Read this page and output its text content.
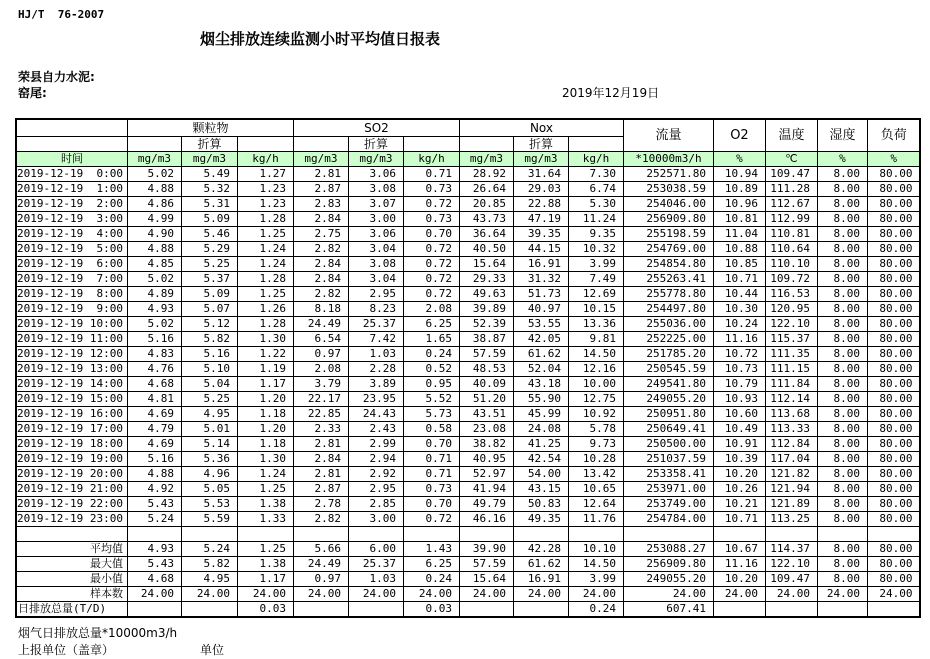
HJ/T  76-2007
烟尘排放连续监测小时平均值日报表
荣县自力水泥:
窑尾:	2019年12月19日
	颗粒物			SO2			Nox			流量	O2	温度	湿度	负荷
		折算			折算			折算						
时间	mg/m3	mg/m3	kg/h	mg/m3	mg/m3	kg/h	mg/m3	mg/m3	kg/h	*10000m3/h	%	℃	%	%
2019-12-19  0:00	5.02	5.49	1.27	2.81	3.06	0.71	28.92	31.64	7.30	252571.80	10.94	109.47	8.00	80.00
2019-12-19  1:00	4.88	5.32	1.23	2.87	3.08	0.73	26.64	29.03	6.74	253038.59	10.89	111.28	8.00	80.00
2019-12-19  2:00	4.86	5.31	1.23	2.83	3.07	0.72	20.85	22.88	5.30	254046.00	10.96	112.67	8.00	80.00
2019-12-19  3:00	4.99	5.09	1.28	2.84	3.00	0.73	43.73	47.19	11.24	256909.80	10.81	112.99	8.00	80.00
2019-12-19  4:00	4.90	5.46	1.25	2.75	3.06	0.70	36.64	39.35	9.35	255198.59	11.04	110.81	8.00	80.00
2019-12-19  5:00	4.88	5.29	1.24	2.82	3.04	0.72	40.50	44.15	10.32	254769.00	10.88	110.64	8.00	80.00
2019-12-19  6:00	4.85	5.25	1.24	2.84	3.08	0.72	15.64	16.91	3.99	254854.80	10.85	110.10	8.00	80.00
2019-12-19  7:00	5.02	5.37	1.28	2.84	3.04	0.72	29.33	31.32	7.49	255263.41	10.71	109.72	8.00	80.00
2019-12-19  8:00	4.89	5.09	1.25	2.82	2.95	0.72	49.63	51.73	12.69	255778.80	10.44	116.53	8.00	80.00
2019-12-19  9:00	4.93	5.07	1.26	8.18	8.23	2.08	39.89	40.97	10.15	254497.80	10.30	120.95	8.00	80.00
2019-12-19 10:00	5.02	5.12	1.28	24.49	25.37	6.25	52.39	53.55	13.36	255036.00	10.24	122.10	8.00	80.00
2019-12-19 11:00	5.16	5.82	1.30	6.54	7.42	1.65	38.87	42.05	9.81	252225.00	11.16	115.37	8.00	80.00
2019-12-19 12:00	4.83	5.16	1.22	0.97	1.03	0.24	57.59	61.62	14.50	251785.20	10.72	111.35	8.00	80.00
2019-12-19 13:00	4.76	5.10	1.19	2.08	2.28	0.52	48.53	52.04	12.16	250545.59	10.73	111.15	8.00	80.00
2019-12-19 14:00	4.68	5.04	1.17	3.79	3.89	0.95	40.09	43.18	10.00	249541.80	10.79	111.84	8.00	80.00
2019-12-19 15:00	4.81	5.25	1.20	22.17	23.95	5.52	51.20	55.90	12.75	249055.20	10.93	112.14	8.00	80.00
2019-12-19 16:00	4.69	4.95	1.18	22.85	24.43	5.73	43.51	45.99	10.92	250951.80	10.60	113.68	8.00	80.00
2019-12-19 17:00	4.79	5.01	1.20	2.33	2.43	0.58	23.08	24.08	5.78	250649.41	10.49	113.33	8.00	80.00
2019-12-19 18:00	4.69	5.14	1.18	2.81	2.99	0.70	38.82	41.25	9.73	250500.00	10.91	112.84	8.00	80.00
2019-12-19 19:00	5.16	5.36	1.30	2.84	2.94	0.71	40.95	42.54	10.28	251037.59	10.39	117.04	8.00	80.00
2019-12-19 20:00	4.88	4.96	1.24	2.81	2.92	0.71	52.97	54.00	13.42	253358.41	10.20	121.82	8.00	80.00
2019-12-19 21:00	4.92	5.05	1.25	2.87	2.95	0.73	41.94	43.15	10.65	253971.00	10.26	121.94	8.00	80.00
2019-12-19 22:00	5.43	5.53	1.38	2.78	2.85	0.70	49.79	50.83	12.64	253749.00	10.21	121.89	8.00	80.00
2019-12-19 23:00	5.24	5.59	1.33	2.82	3.00	0.72	46.16	49.35	11.76	254784.00	10.71	113.25	8.00	80.00

平均值	4.93	5.24	1.25	5.66	6.00	1.43	39.90	42.28	10.10	253088.27	10.67	114.37	8.00	80.00
最大值	5.43	5.82	1.38	24.49	25.37	6.25	57.59	61.62	14.50	256909.80	11.16	122.10	8.00	80.00
最小值	4.68	4.95	1.17	0.97	1.03	0.24	15.64	16.91	3.99	249055.20	10.20	109.47	8.00	80.00
样本数	24.00	24.00	24.00	24.00	24.00	24.00	24.00	24.00	24.00	24.00	24.00	24.00	24.00	24.00
日排放总量(T/D)			0.03			0.03			0.24	607.41				
烟气日排放总量*10000m3/h
上报单位（盖章）	单位
